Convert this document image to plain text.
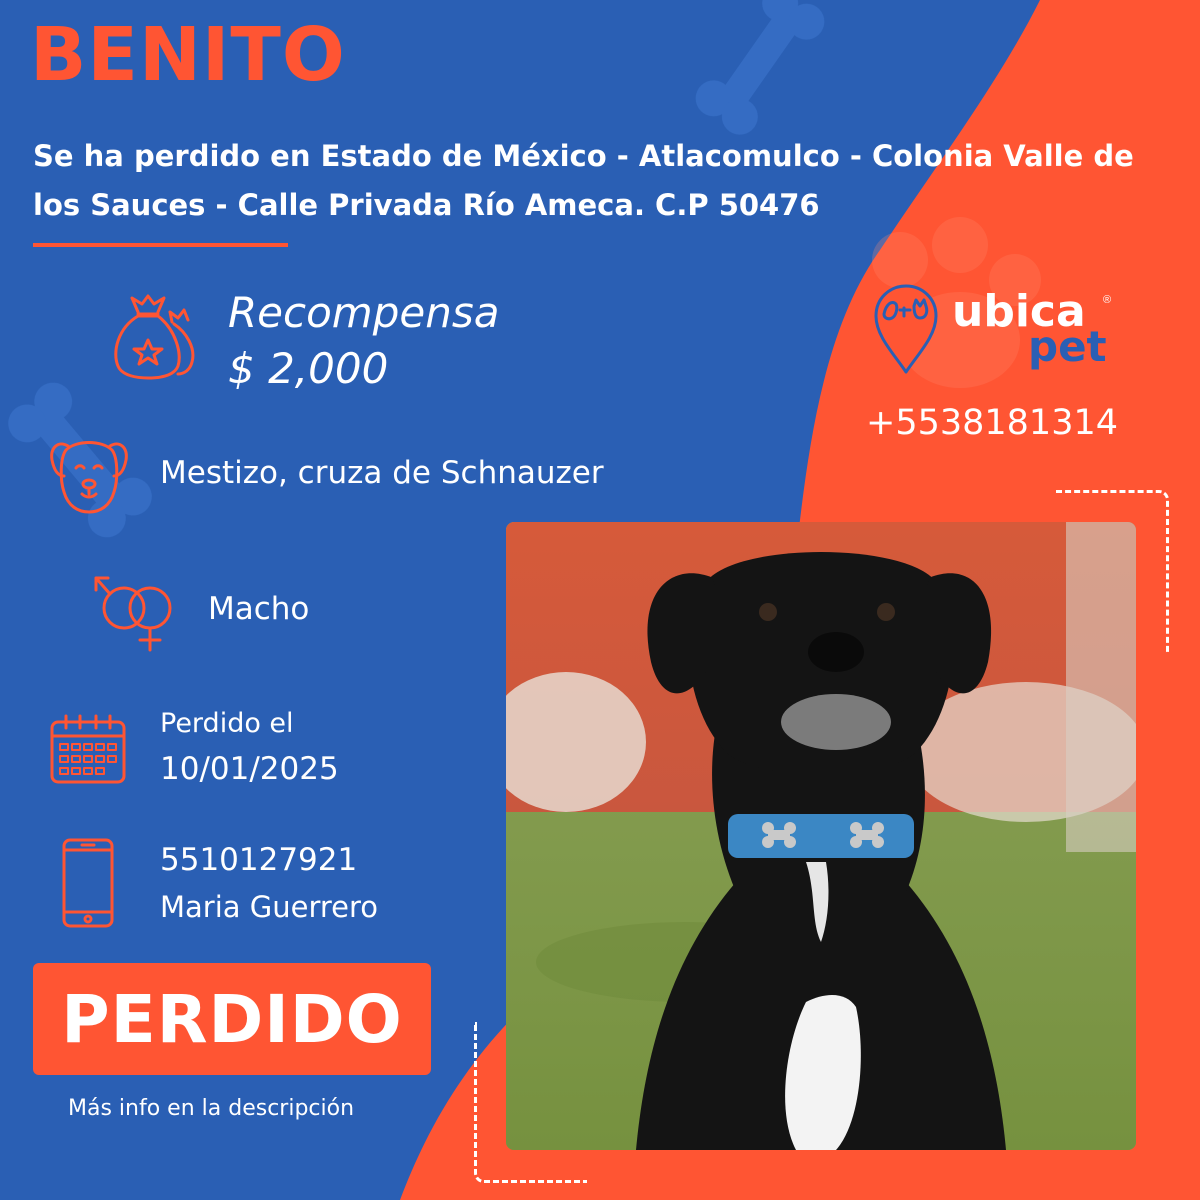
BENITO

Se ha perdido en Estado de México - Atlacomulco - Colonia Valle de los Sauces - Calle Privada Río Ameca. C.P 50476

Recompensa
$ 2,000
Mestizo, cruza de Schnauzer
Macho
Perdido el
10/01/2025
5510127921
Maria Guerrero
ubica ®
pet
+5538181314
PERDIDO
Más info en la descripción
